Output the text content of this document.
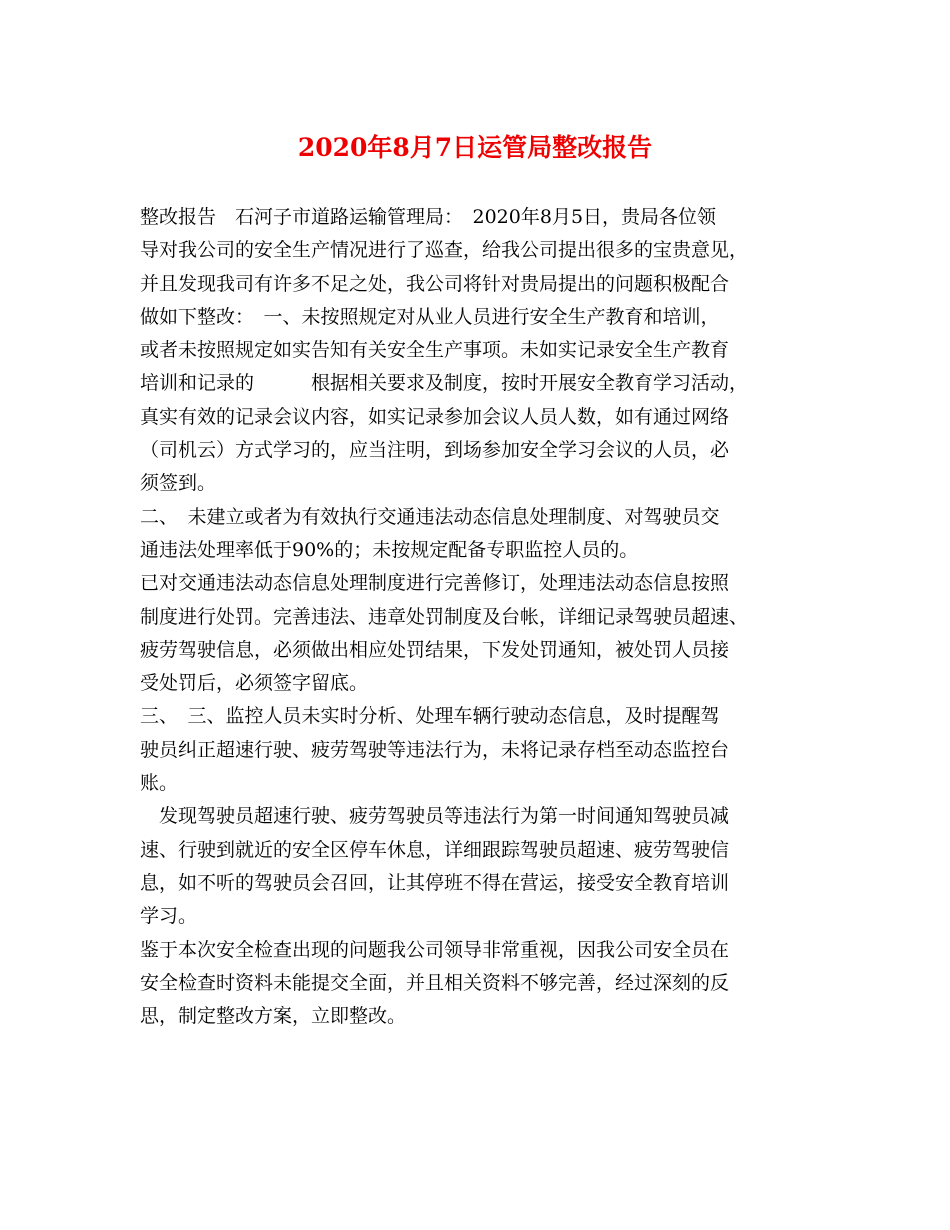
2020年8月7日运管局整改报告
整改报告　石河子市道路运输管理局：　2020年8月5日，贵局各位领
导对我公司的安全生产情况进行了巡查，给我公司提出很多的宝贵意见，
并且发现我司有许多不足之处，我公司将针对贵局提出的问题积极配合
做如下整改：　一、未按照规定对从业人员进行安全生产教育和培训，
或者未按照规定如实告知有关安全生产事项。未如实记录安全生产教育
培训和记录的　　　根据相关要求及制度，按时开展安全教育学习活动，
真实有效的记录会议内容，如实记录参加会议人员人数，如有通过网络
（司机云）方式学习的，应当注明，到场参加安全学习会议的人员，必
须签到。
二、　未建立或者为有效执行交通违法动态信息处理制度、对驾驶员交
通违法处理率低于90%的；未按规定配备专职监控人员的。
已对交通违法动态信息处理制度进行完善修订，处理违法动态信息按照
制度进行处罚。完善违法、违章处罚制度及台帐，详细记录驾驶员超速、
疲劳驾驶信息，必须做出相应处罚结果，下发处罚通知，被处罚人员接
受处罚后，必须签字留底。
三、　三、监控人员未实时分析、处理车辆行驶动态信息，及时提醒驾
驶员纠正超速行驶、疲劳驾驶等违法行为，未将记录存档至动态监控台
账。
　发现驾驶员超速行驶、疲劳驾驶员等违法行为第一时间通知驾驶员减
速、行驶到就近的安全区停车休息，详细跟踪驾驶员超速、疲劳驾驶信
息，如不听的驾驶员会召回，让其停班不得在营运，接受安全教育培训
学习。
鉴于本次安全检查出现的问题我公司领导非常重视，因我公司安全员在
安全检查时资料未能提交全面，并且相关资料不够完善，经过深刻的反
思，制定整改方案，立即整改。
